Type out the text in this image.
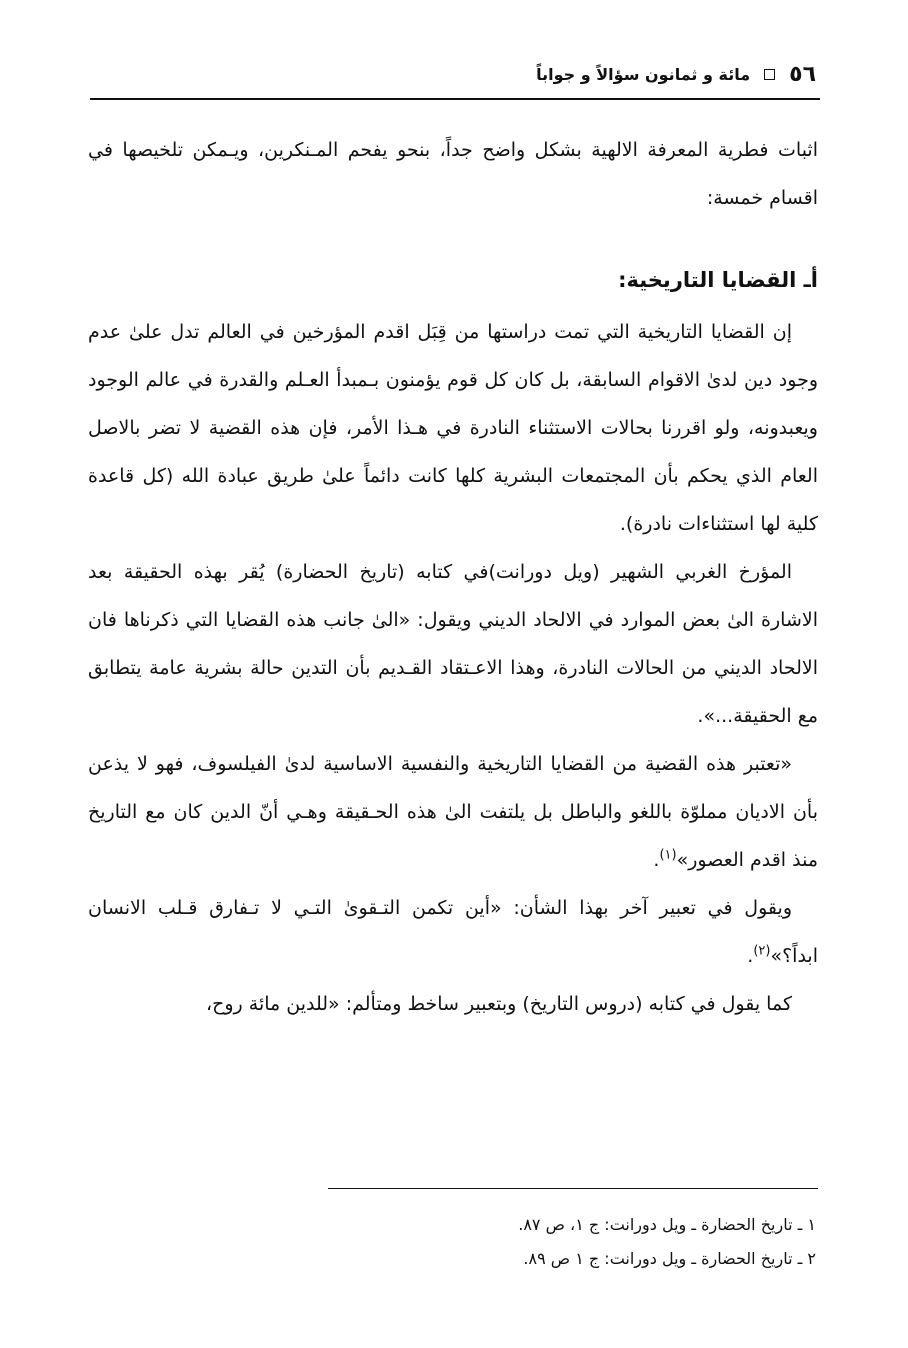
٥٦
مائة و ثمانون سؤالاً و جواباً

اثبات فطرية المعرفة الالهية بشكل واضح جداً، بنحو يفحم المـنكرين، ويـمكن تلخيصها في اقسام خمسة:

أـ القضايا التاريخية:

إن القضايا التاريخية التي تمت دراستها من قِبَل اقدم المؤرخين في العالم تدل علىٰ عدم وجود دين لدىٰ الاقوام السابقة، بل كان كل قوم يؤمنون بـمبدأ العـلم والقدرة في عالم الوجود ويعبدونه، ولو اقررنا بحالات الاستثناء النادرة في هـذا الأمر، فإن هذه القضية لا تضر بالاصل العام الذي يحكم بأن المجتمعات البشرية كلها كانت دائماً علىٰ طريق عبادة الله (كل قاعدة كلية لها استثناءات نادرة).

المؤرخ الغربي الشهير (ويل دورانت)في كتابه (تاريخ الحضارة) يُقر بهذه الحقيقة بعد الاشارة الىٰ بعض الموارد في الالحاد الديني ويقول: «الىٰ جانب هذه القضايا التي ذكرناها فان الالحاد الديني من الحالات النادرة، وهذا الاعـتقاد القـديم بأن التدين حالة بشرية عامة يتطابق مع الحقيقة...».

«تعتبر هذه القضية من القضايا التاريخية والنفسية الاساسية لدىٰ الفيلسوف، فهو لا يذعن بأن الاديان مملوّة باللغو والباطل بل يلتفت الىٰ هذه الحـقيقة وهـي أنّ الدين كان مع التاريخ منذ اقدم العصور»$^{(١)}$.

ويقول في تعبير آخر بهذا الشأن: «أين تكمن التـقوىٰ التـي لا تـفارق قـلب الانسان ابداً؟»$^{(٢)}$.

كما يقول في كتابه (دروس التاريخ) وبتعبير ساخط ومتألم: «للدين مائة روح،

١ ـ تاريخ الحضارة ـ ويل دورانت: ج ١، ص ٨٧.

٢ ـ تاريخ الحضارة ـ ويل دورانت: ج ١ ص ٨٩.
